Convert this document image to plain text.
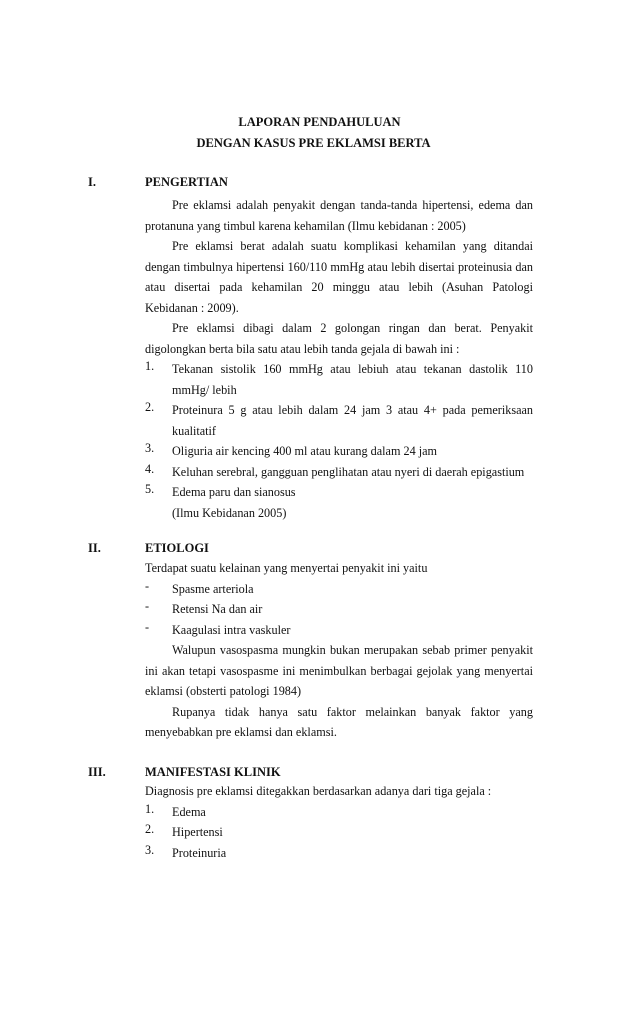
LAPORAN PENDAHULUAN
DENGAN KASUS PRE EKLAMSI BERTA
I.	PENGERTIAN
Pre eklamsi adalah penyakit dengan tanda-tanda hipertensi, edema dan
protanuna yang timbul karena kehamilan (Ilmu kebidanan : 2005)
Pre eklamsi berat adalah suatu komplikasi kehamilan yang ditandai
dengan timbulnya hipertensi 160/110 mmHg atau lebih disertai proteinusia dan
atau disertai pada kehamilan 20 minggu atau lebih (Asuhan Patologi
Kebidanan : 2009).
Pre eklamsi dibagi dalam 2 golongan ringan dan berat. Penyakit
digolongkan berta bila satu atau lebih tanda gejala di bawah ini :
1. Tekanan sistolik 160 mmHg atau lebiuh atau tekanan dastolik 110
mmHg/ lebih
2. Proteinura 5 g atau lebih dalam 24 jam 3 atau 4+ pada pemeriksaan
kualitatif
3. Oliguria air kencing 400 ml atau kurang dalam 24 jam
4. Keluhan serebral, gangguan penglihatan atau nyeri di daerah epigastium
5. Edema paru dan sianosus
(Ilmu Kebidanan 2005)
II.	ETIOLOGI
Terdapat suatu kelainan yang menyertai penyakit ini yaitu
- Spasme arteriola
- Retensi Na dan air
- Kaagulasi intra vaskuler
Walupun vasospasma mungkin bukan merupakan sebab primer penyakit
ini akan tetapi vasospasme ini menimbulkan berbagai gejolak yang menyertai
eklamsi (obsterti patologi 1984)
Rupanya tidak hanya satu faktor melainkan banyak faktor yang
menyebabkan pre eklamsi dan eklamsi.
III.	MANIFESTASI KLINIK
Diagnosis pre eklamsi ditegakkan berdasarkan adanya dari tiga gejala :
1. Edema
2. Hipertensi
3. Proteinuria
